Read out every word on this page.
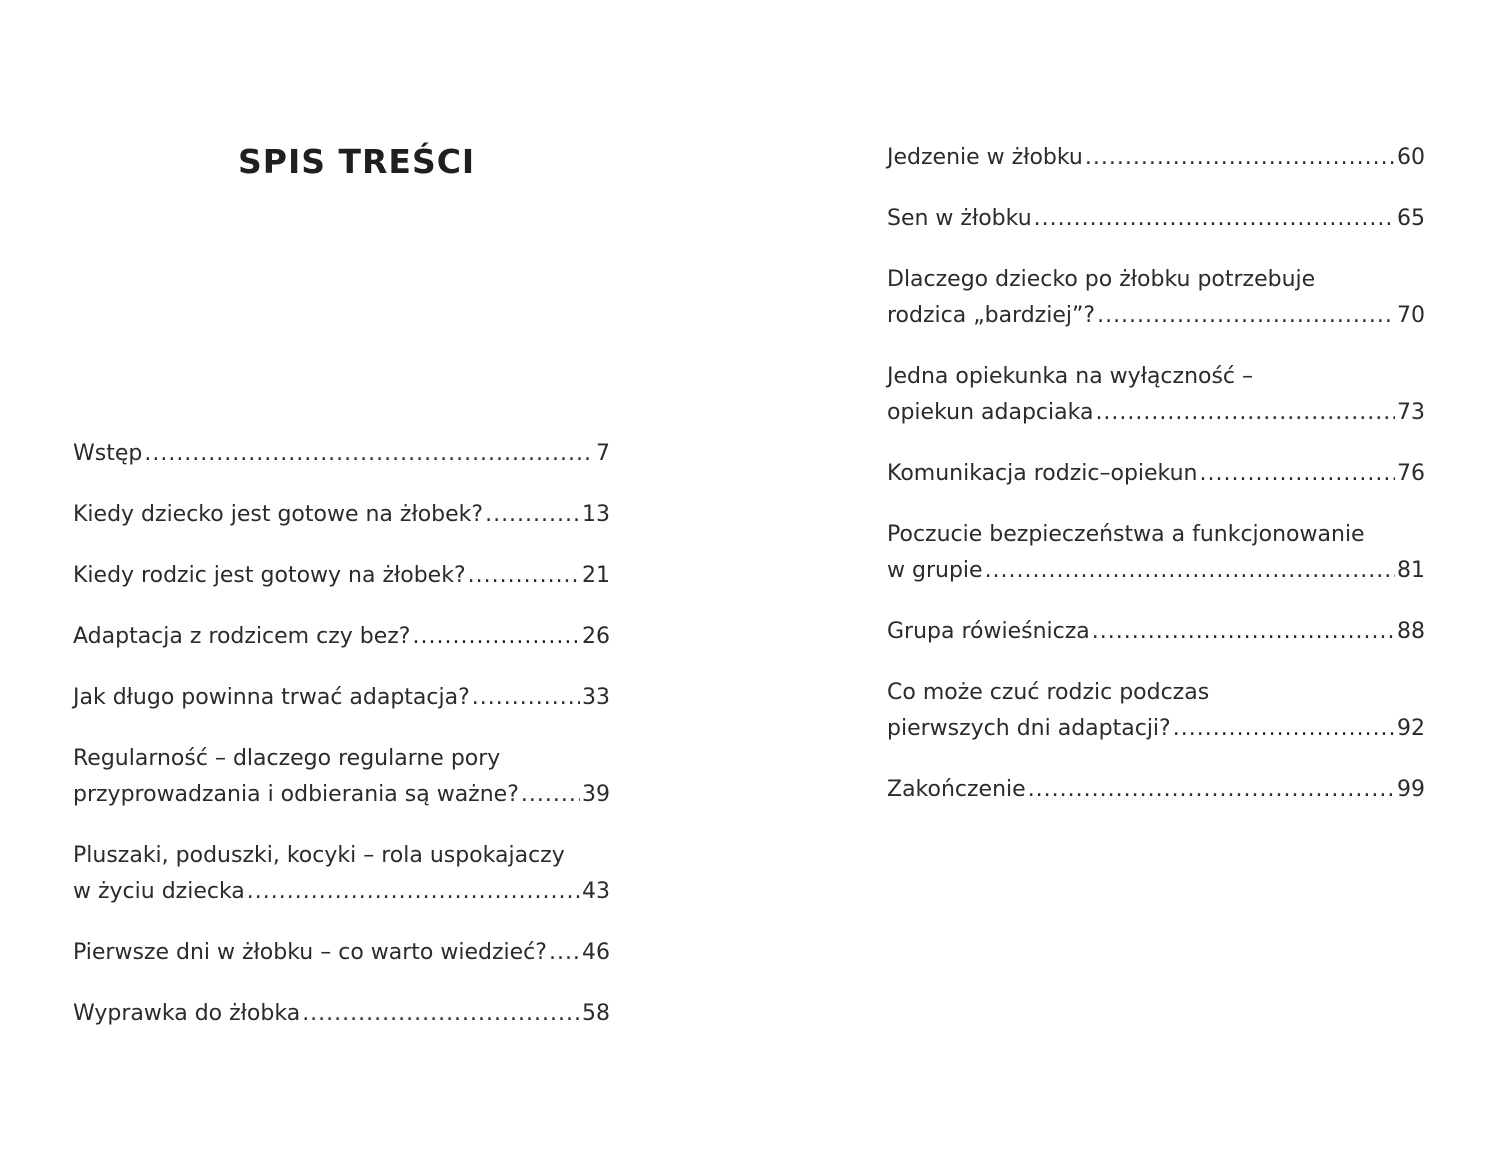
SPIS TREŚCI
Wstęp .....	7
Kiedy dziecko jest gotowe na żłobek? .....	13
Kiedy rodzic jest gotowy na żłobek? .....	21
Adaptacja z rodzicem czy bez? .....	26
Jak długo powinna trwać adaptacja? .....	33
Regularność – dlaczego regularne pory
przyprowadzania i odbierania są ważne? .....	39
Pluszaki, poduszki, kocyki – rola uspokajaczy
w życiu dziecka .....	43
Pierwsze dni w żłobku – co warto wiedzieć? ..... 46
Wyprawka do żłobka .....	58
Jedzenie w żłobku .....	60
Sen w żłobku .....	65
Dlaczego dziecko po żłobku potrzebuje
rodzica „bardziej”? .....	70
Jedna opiekunka na wyłączność –
opiekun adapciaka .....	73
Komunikacja rodzic–opiekun .....	76
Poczucie bezpieczeństwa a funkcjonowanie
w grupie .....	81
Grupa rówieśnicza .....	88
Co może czuć rodzic podczas
pierwszych dni adaptacji? .....	92
Zakończenie .....	99
